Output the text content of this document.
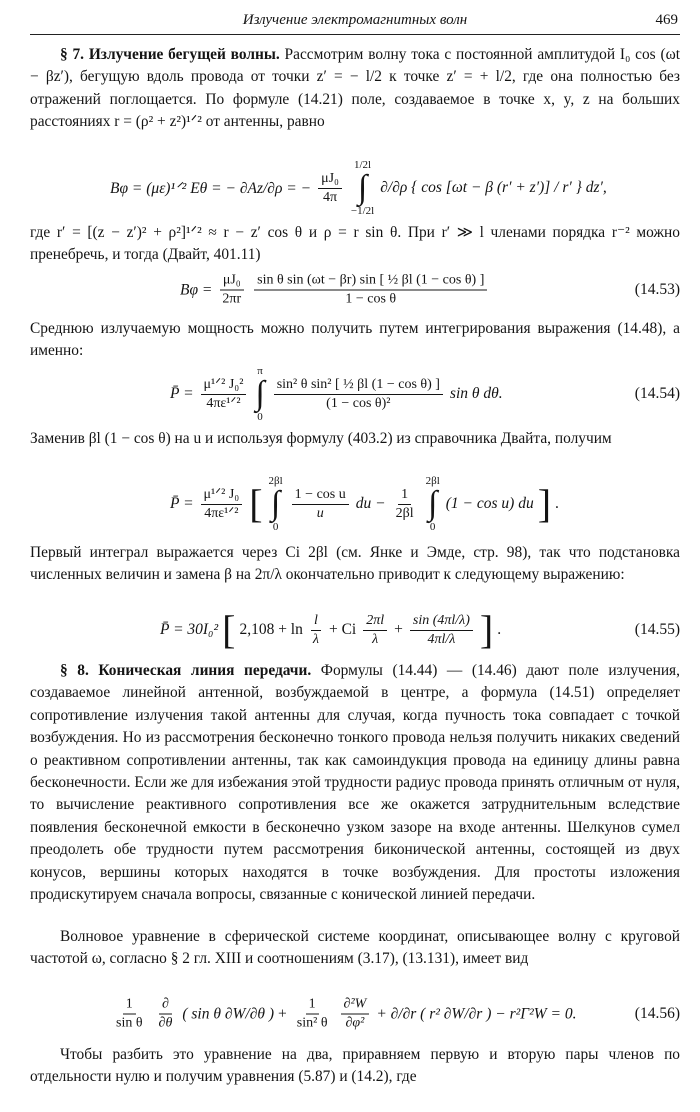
Излучение электромагнитных волн	469
§ 7. Излучение бегущей волны. Рассмотрим волну тока с постоянной амплитудой I₀ cos (ωt − βz′), бегущую вдоль провода от точки z′ = − l/2 к точке z′ = + l/2, где она полностью без отражений поглощается. По формуле (14.21) поле, создаваемое в точке x, y, z на больших расстояниях r = (ρ² + z²)¹ᐟ² от антенны, равно
Bφ = (με)¹ᐟ² Eθ = − ∂Az/∂ρ = − $\frac{\text{μJ₀}}{4\pi}$
1/2l
∫
−1/2l
∂/∂ρ { cos [ωt − β (r′ + z′)] / r′ } dz′,
где r′ = [(z − z′)² + ρ²]¹ᐟ² ≈ r − z′ cos θ и ρ = r sin θ. При r′ ≫ l членами порядка r⁻² можно пренебречь, и тогда (Двайт, 401.11)
$B\varphi = \frac{\text{μJ₀}}{2\pi r} \frac{\text{sin θ sin (ωt − βr) sin [ ½ βl (1 − cos θ) ]}}{\text{1 − cos θ}}$	(14.53)
Среднюю излучаемую мощность можно получить путем интегрирования выражения (14.48), а именно:
P̄ = $\frac{\text{μ¹ᐟ² J₀²}}{\text{4πε¹ᐟ²}}$
π
∫
0
$\frac{\text{sin² θ sin² [ ½ βl (1 − cos θ) ]}}{\text{(1 − cos θ)²}}$ sin θ dθ.	(14.54)
Заменив βl (1 − cos θ) на u и используя формулу (403.2) из справочника Двайта, получим
P̄ = $\frac{\text{μ¹ᐟ² J₀}}{\text{4πε¹ᐟ²}}$ [ 2βl
∫
0
$\frac{\text{1 − cos u}}{u}$ du − $\frac{1}{2\beta l}$
2βl
∫
0
(1 − cos u) du ] .
Первый интеграл выражается через Ci 2βl (см. Янке и Эмде, стр. 98), так что подстановка численных величин и замена β на 2π/λ окончательно приводит к следующему выражению:
P̄ = 30I₀² [ $2,108 + \ln \frac{l}{\lambda} + Ci \frac{2\pi l}{\lambda} + \frac{\sin (4\pi l/\lambda)}{4\pi l/\lambda}$ ] .	(14.55)
§ 8. Коническая линия передачи. Формулы (14.44) — (14.46) дают поле излучения, создаваемое линейной антенной, возбуждаемой в центре, а формула (14.51) определяет сопротивление излучения такой антенны для случая, когда пучность тока совпадает с точкой возбуждения. Но из рассмотрения бесконечно тонкого провода нельзя получить никаких сведений о реактивном сопротивлении антенны, так как самоиндукция провода на единицу длины равна бесконечности. Если же для избежания этой трудности радиус провода принять отличным от нуля, то вычисление реактивного сопротивления все же окажется затруднительным вследствие появления бесконечной емкости в бесконечно узком зазоре на входе антенны. Шелкунов сумел преодолеть обе трудности путем рассмотрения биконической антенны, состоящей из двух конусов, вершины которых находятся в точке возбуждения. Для простоты изложения продискутируем сначала вопросы, связанные с конической линией передачи.
Волновое уравнение в сферической системе координат, описывающее волну с круговой частотой ω, согласно § 2 гл. XIII и соотношениям (3.17), (13.131), имеет вид
$\frac{1}{\text{sin θ}} \frac{\partial}{\partial\theta}$ ( sin θ ∂W/∂θ ) + $\frac{1}{\text{sin² θ}} \frac{\text{∂²W}}{\text{∂φ²}} + \partial/\partial r$ ( r² ∂W/∂r ) − r²Γ²W = 0.	(14.56)
Чтобы разбить это уравнение на два, приравняем первую и вторую пары членов по отдельности нулю и получим уравнения (5.87) и (14.2), где
